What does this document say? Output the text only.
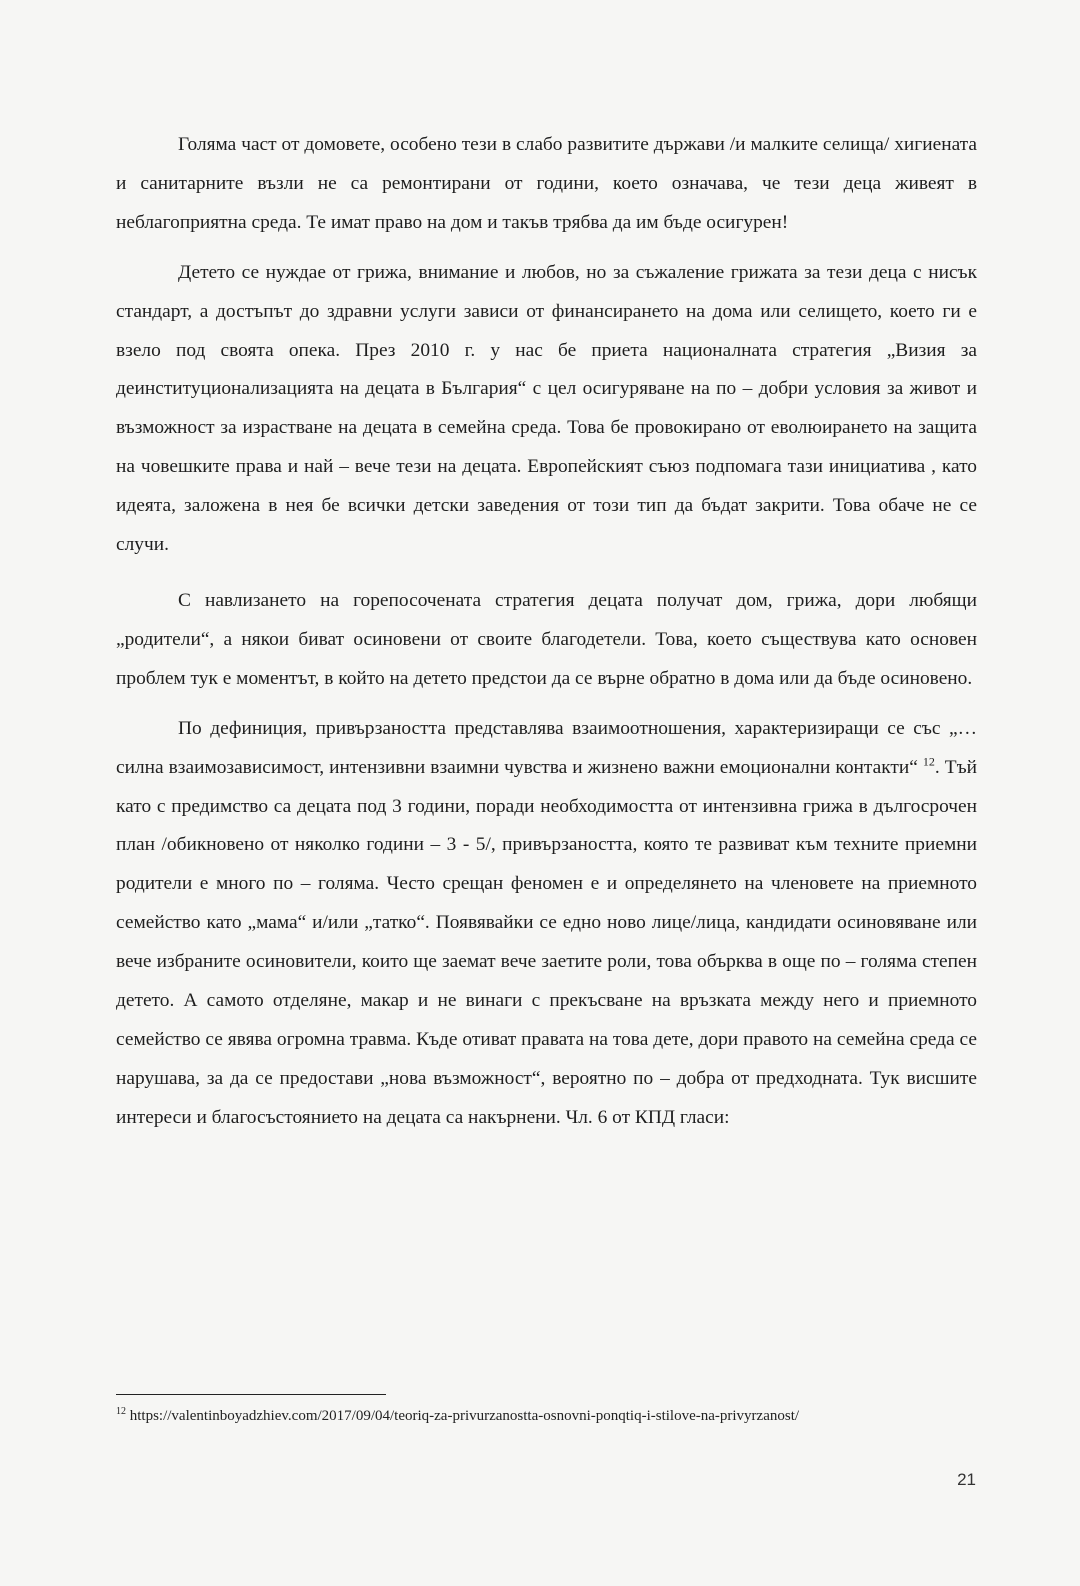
Голяма част от домовете, особено тези в слабо развитите държави /и малките селища/ хигиената и санитарните възли не са ремонтирани от години, което означава, че тези деца живеят в неблагоприятна среда. Те имат право на дом и такъв трябва да им бъде осигурен!

Детето се нуждае от грижа, внимание и любов, но за съжаление грижата за тези деца с нисък стандарт, а достъпът до здравни услуги зависи от финансирането на дома или селището, което ги е взело под своята опека. През 2010 г. у нас бе приета националната стратегия „Визия за деинституционализацията на децата в България“ с цел осигуряване на по – добри условия за живот и възможност за израстване на децата в семейна среда. Това бе провокирано от еволюирането на защита на човешките права и най – вече тези на децата. Европейският съюз подпомага тази инициатива , като идеята, заложена в нея бе всички детски заведения от този тип да бъдат закрити. Това обаче не се случи.

С навлизането на горепосочената стратегия децата получат дом, грижа, дори любящи „родители“, а някои биват осиновени от своите благодетели. Това, което съществува като основен проблем тук е моментът, в който на детето предстои да се върне обратно в дома или да бъде осиновено.

По дефиниция, привързаността представлява взаимоотношения, характеризиращи се със „…силна взаимозависимост, интензивни взаимни чувства и жизнено важни емоционални контакти“ $^{12}$. Тъй като с предимство са децата под 3 години, поради необходимостта от интензивна грижа в дългосрочен план /обикновено от няколко години – 3 - 5/, привързаността, която те развиват към техните приемни родители е много по – голяма. Често срещан феномен е и определянето на членовете на приемното семейство като „мама“ и/или „татко“. Появявайки се едно ново лице/лица, кандидати осиновяване или вече избраните осиновители, които ще заемат вече заетите роли, това обърква в още по – голяма степен детето. А самото отделяне, макар и не винаги с прекъсване на връзката между него и приемното семейство се явява огромна травма. Къде отиват правата на това дете, дори правото на семейна среда се нарушава, за да се предостави „нова възможност“, вероятно по – добра от предходната. Тук висшите интереси и благосъстоянието на децата са накърнени. Чл. 6 от КПД гласи:

$^{12}$ https://valentinboyadzhiev.com/2017/09/04/teoriq-za-privurzanostta-osnovni-ponqtiq-i-stilove-na-privyrzanost/
21
